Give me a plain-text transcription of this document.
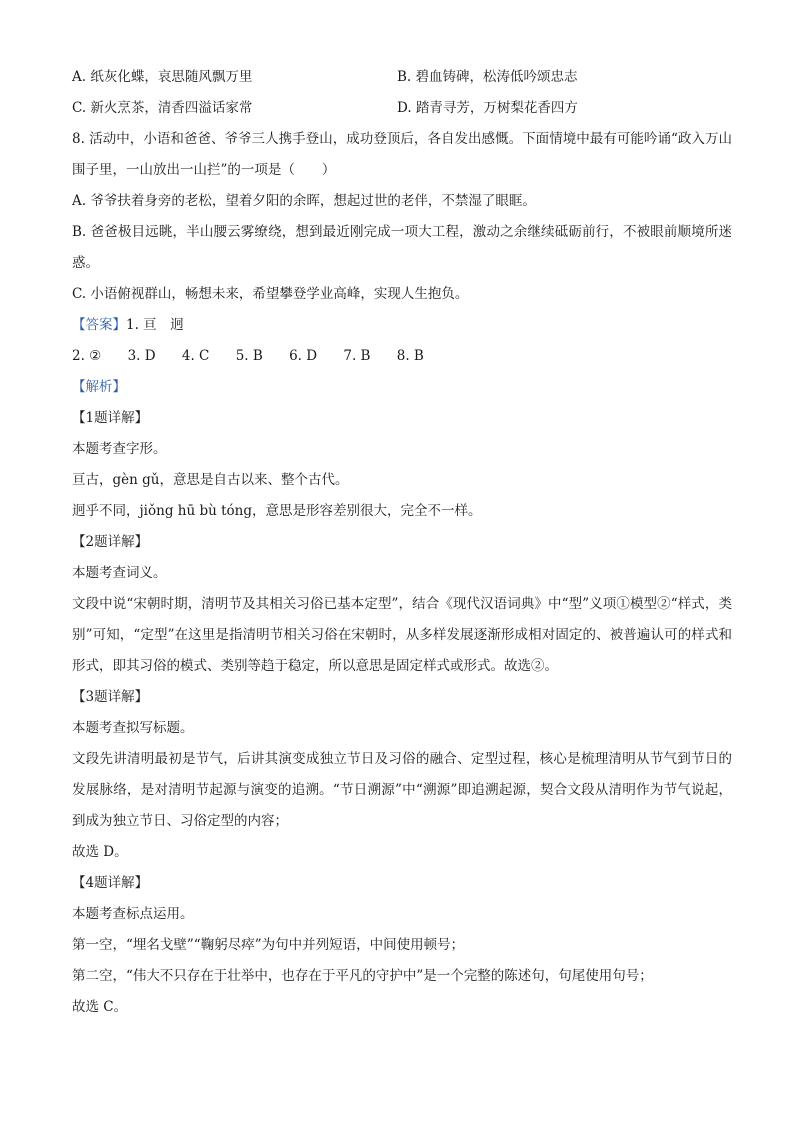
A. 纸灰化蝶，哀思随风飘万里	B. 碧血铸碑，松涛低吟颂忠志
C. 新火烹茶，清香四溢话家常	D. 踏青寻芳，万树梨花香四方
8. 活动中，小语和爸爸、爷爷三人携手登山，成功登顶后，各自发出感慨。下面情境中最有可能吟诵“政入万山围子里，一山放出一山拦”的一项是（　　）
A. 爷爷扶着身旁的老松，望着夕阳的余晖，想起过世的老伴，不禁湿了眼眶。
B. 爸爸极目远眺，半山腰云雾缭绕，想到最近刚完成一项大工程，激动之余继续砥砺前行，不被眼前顺境所迷惑。
C. 小语俯视群山，畅想未来，希望攀登学业高峰，实现人生抱负。
【答案】1. 亘　迥
2. ② 3. D 4. C 5. B 6. D 7. B 8. B
【解析】
【1题详解】
本题考查字形。
亘古，gèn gǔ，意思是自古以来、整个古代。
迥乎不同，jiǒng hū bù tóng，意思是形容差别很大，完全不一样。
【2题详解】
本题考查词义。
文段中说“宋朝时期，清明节及其相关习俗已基本定型”，结合《现代汉语词典》中“型”义项①模型②“样式，类别”可知，“定型”在这里是指清明节相关习俗在宋朝时，从多样发展逐渐形成相对固定的、被普遍认可的样式和形式，即其习俗的模式、类别等趋于稳定，所以意思是固定样式或形式。故选②。
【3题详解】
本题考查拟写标题。
文段先讲清明最初是节气，后讲其演变成独立节日及习俗的融合、定型过程，核心是梳理清明从节气到节日的发展脉络，是对清明节起源与演变的追溯。“节日溯源”中“溯源”即追溯起源，契合文段从清明作为节气说起，到成为独立节日、习俗定型的内容；
故选 D。
【4题详解】
本题考查标点运用。
第一空，“埋名戈壁”“鞠躬尽瘁”为句中并列短语，中间使用顿号；
第二空，“伟大不只存在于壮举中，也存在于平凡的守护中”是一个完整的陈述句，句尾使用句号；
故选 C。
